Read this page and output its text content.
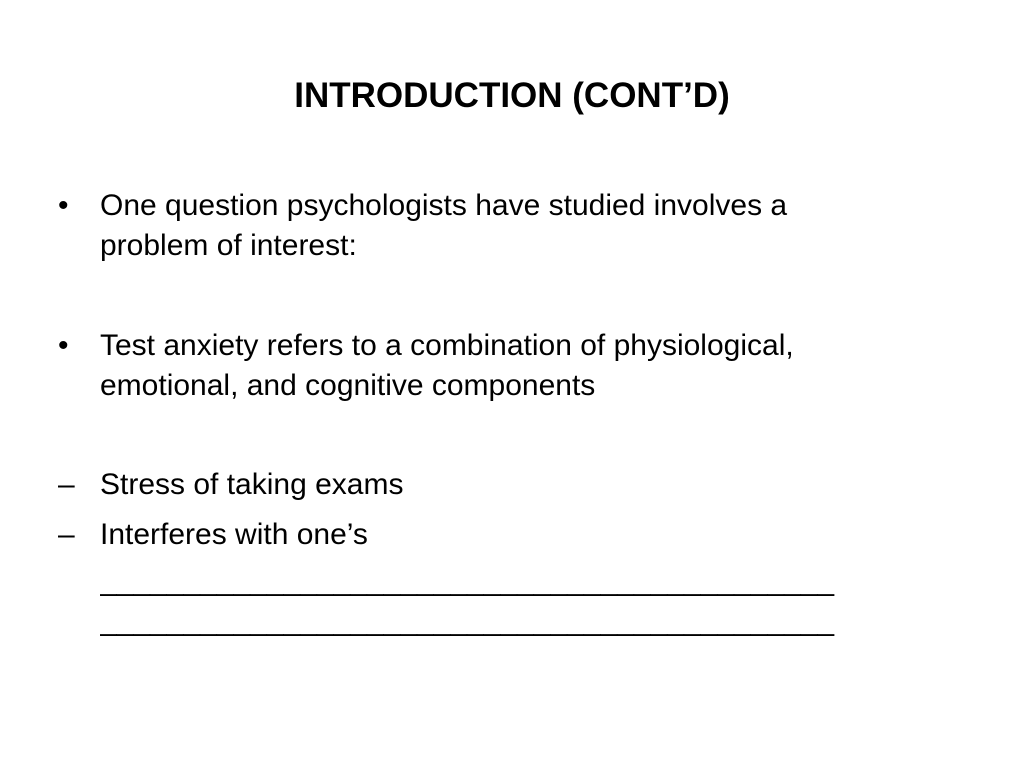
INTRODUCTION (CONT’D)
•	One question psychologists have studied involves a
problem of interest:
•	Test anxiety refers to a combination of physiological,
emotional, and cognitive components
– Stress of taking exams
– Interferes with one’s
____________________________________________
____________________________________________
